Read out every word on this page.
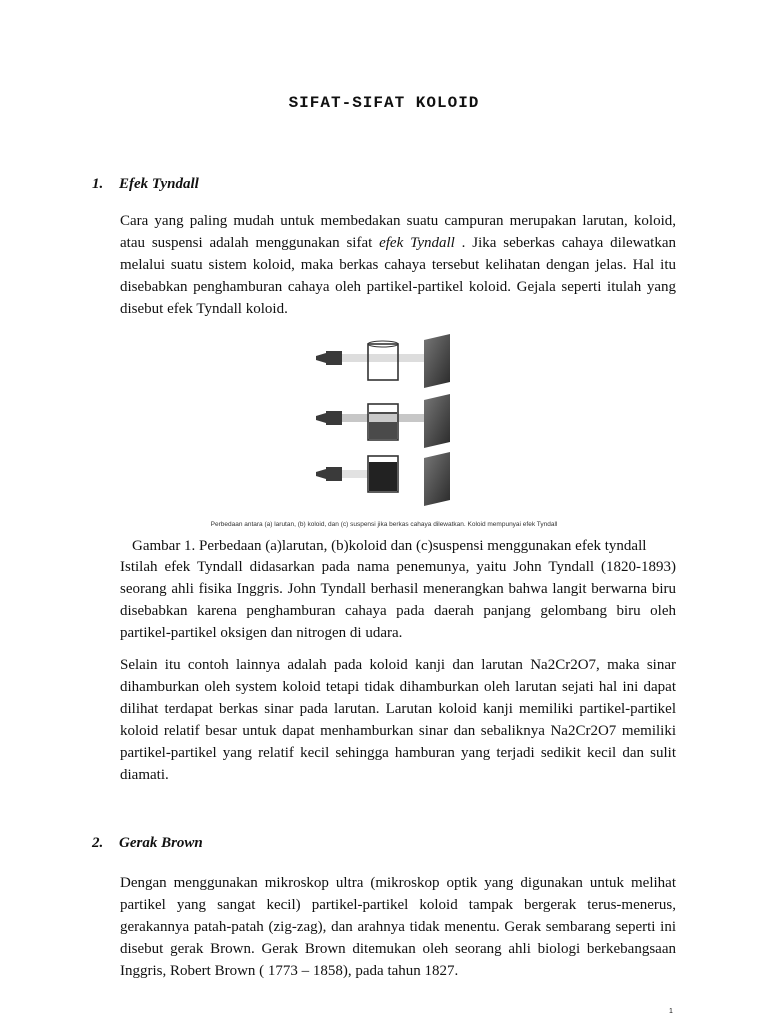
SIFAT-SIFAT KOLOID
1. Efek Tyndall

Cara yang paling mudah untuk membedakan suatu campuran merupakan larutan, koloid, atau suspensi adalah menggunakan sifat efek Tyndall . Jika seberkas cahaya dilewatkan melalui suatu sistem koloid, maka berkas cahaya tersebut kelihatan dengan jelas. Hal itu disebabkan penghamburan cahaya oleh partikel-partikel koloid. Gejala seperti itulah yang disebut efek Tyndall koloid.

Perbedaan antara (a) larutan, (b) koloid, dan (c) suspensi jika berkas cahaya dilewatkan. Koloid mempunyai efek Tyndall
Gambar 1. Perbedaan (a)larutan, (b)koloid dan (c)suspensi menggunakan efek tyndall

Istilah efek Tyndall didasarkan pada nama penemunya, yaitu John Tyndall (1820-1893) seorang ahli fisika Inggris. John Tyndall berhasil menerangkan bahwa langit berwarna biru disebabkan karena penghamburan cahaya pada daerah panjang gelombang biru oleh partikel-partikel oksigen dan nitrogen di udara.

Selain itu contoh lainnya adalah pada koloid kanji dan larutan Na2Cr2O7, maka sinar dihamburkan oleh system koloid tetapi tidak dihamburkan oleh larutan sejati hal ini dapat dilihat terdapat berkas sinar pada larutan. Larutan koloid kanji memiliki partikel-partikel koloid relatif besar untuk dapat menhamburkan sinar dan sebaliknya Na2Cr2O7 memiliki partikel-partikel yang relatif kecil sehingga hamburan yang terjadi sedikit kecil dan sulit diamati.

2. Gerak Brown

Dengan menggunakan mikroskop ultra (mikroskop optik yang digunakan untuk melihat partikel yang sangat kecil) partikel-partikel koloid tampak bergerak terus-menerus, gerakannya patah-patah (zig-zag), dan arahnya tidak menentu. Gerak sembarang seperti ini disebut gerak Brown. Gerak Brown ditemukan oleh seorang ahli biologi berkebangsaan Inggris, Robert Brown ( 1773 – 1858), pada tahun 1827.

1
